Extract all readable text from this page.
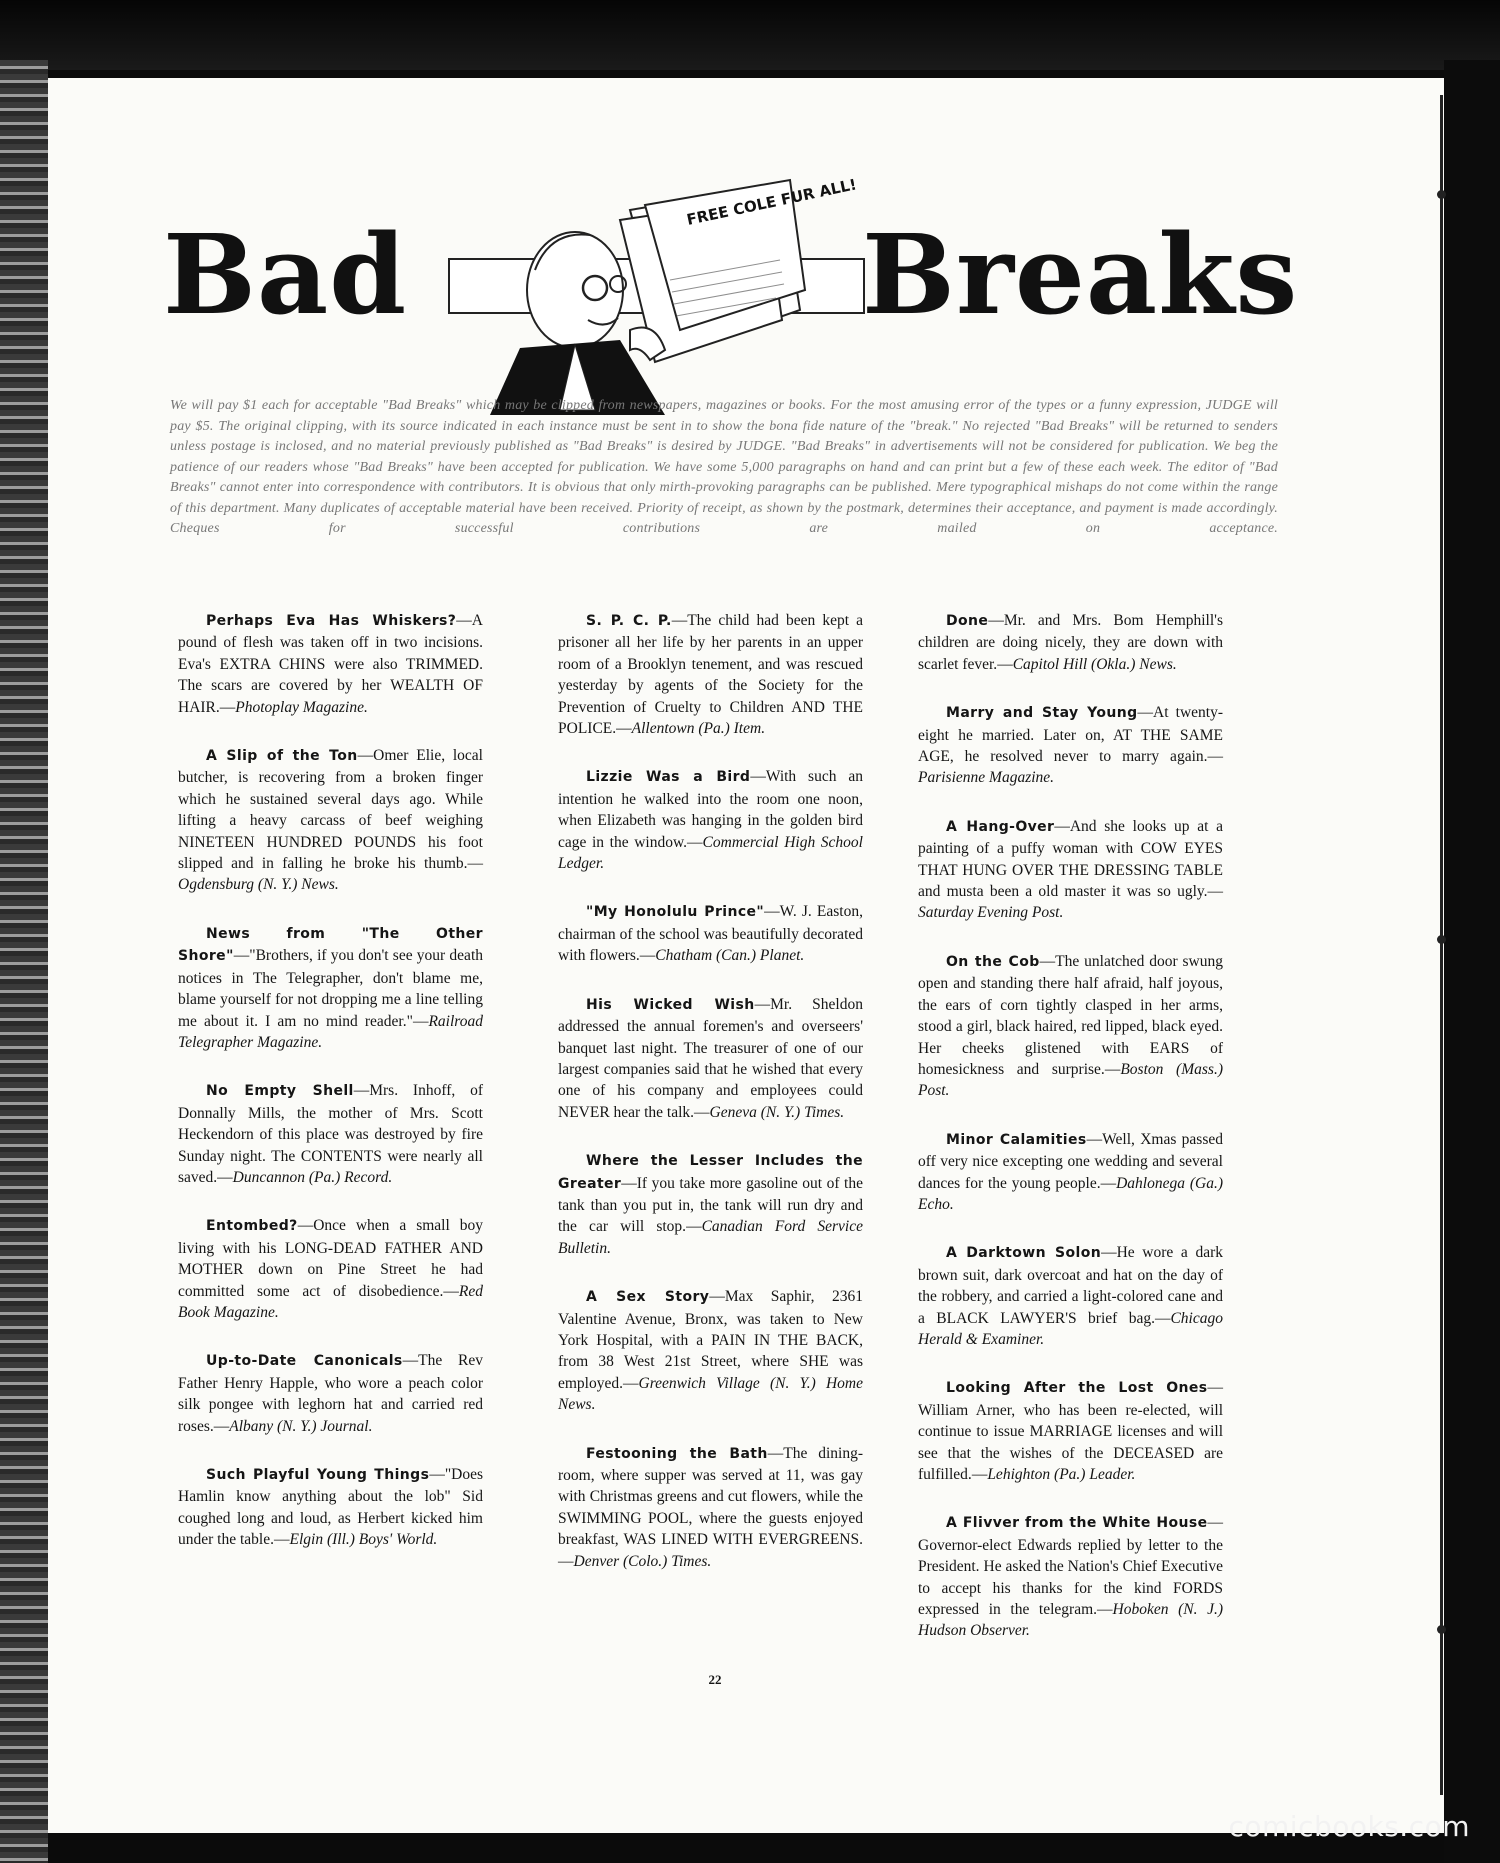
Bad	Breaks
FREE COLE FUR ALL!
We will pay $1 each for acceptable "Bad Breaks" which may be clipped from newspapers, magazines or books. For the most amusing error of the types or a funny expression, JUDGE will pay $5. The original clipping, with its source indicated in each instance must be sent in to show the bona fide nature of the "break." No rejected "Bad Breaks" will be returned to senders unless postage is inclosed, and no material previously published as "Bad Breaks" is desired by JUDGE. "Bad Breaks" in advertisements will not be considered for publication. We beg the patience of our readers whose "Bad Breaks" have been accepted for publication. We have some 5,000 paragraphs on hand and can print but a few of these each week. The editor of "Bad Breaks" cannot enter into correspondence with contributors. It is obvious that only mirth-provoking paragraphs can be published. Mere typographical mishaps do not come within the range of this department. Many duplicates of acceptable material have been received. Priority of receipt, as shown by the postmark, determines their acceptance, and payment is made accordingly. Cheques for successful contributions are mailed on acceptance.

Perhaps Eva Has Whiskers?—A pound of flesh was taken off in two incisions. Eva's EXTRA CHINS were also TRIMMED. The scars are covered by her WEALTH OF HAIR.—Photoplay Magazine.

A Slip of the Ton—Omer Elie, local butcher, is recovering from a broken finger which he sustained several days ago. While lifting a heavy carcass of beef weighing NINETEEN HUNDRED POUNDS his foot slipped and in falling he broke his thumb.—Ogdensburg (N. Y.) News.

News from "The Other Shore"—"Brothers, if you don't see your death notices in The Telegrapher, don't blame me, blame yourself for not dropping me a line telling me about it. I am no mind reader."—Railroad Telegrapher Magazine.

No Empty Shell—Mrs. Inhoff, of Donnally Mills, the mother of Mrs. Scott Heckendorn of this place was destroyed by fire Sunday night. The CONTENTS were nearly all saved.—Duncannon (Pa.) Record.

Entombed?—Once when a small boy living with his LONG-DEAD FATHER AND MOTHER down on Pine Street he had committed some act of disobedience.—Red Book Magazine.

Up-to-Date Canonicals—The Rev Father Henry Happle, who wore a peach color silk pongee with leghorn hat and carried red roses.—Albany (N. Y.) Journal.

Such Playful Young Things—"Does Hamlin know anything about the lob" Sid coughed long and loud, as Herbert kicked him under the table.—Elgin (Ill.) Boys' World.

S. P. C. P.—The child had been kept a prisoner all her life by her parents in an upper room of a Brooklyn tenement, and was rescued yesterday by agents of the Society for the Prevention of Cruelty to Children AND THE POLICE.—Allentown (Pa.) Item.

Lizzie Was a Bird—With such an intention he walked into the room one noon, when Elizabeth was hanging in the golden bird cage in the window.—Commercial High School Ledger.

"My Honolulu Prince"—W. J. Easton, chairman of the school was beautifully decorated with flowers.—Chatham (Can.) Planet.

His Wicked Wish—Mr. Sheldon addressed the annual foremen's and overseers' banquet last night. The treasurer of one of our largest companies said that he wished that every one of his company and employees could NEVER hear the talk.—Geneva (N. Y.) Times.

Where the Lesser Includes the Greater—If you take more gasoline out of the tank than you put in, the tank will run dry and the car will stop.—Canadian Ford Service Bulletin.

A Sex Story—Max Saphir, 2361 Valentine Avenue, Bronx, was taken to New York Hospital, with a PAIN IN THE BACK, from 38 West 21st Street, where SHE was employed.—Greenwich Village (N. Y.) Home News.

Festooning the Bath—The dining-room, where supper was served at 11, was gay with Christmas greens and cut flowers, while the SWIMMING POOL, where the guests enjoyed breakfast, WAS LINED WITH EVERGREENS.—Denver (Colo.) Times.

Done—Mr. and Mrs. Bom Hemphill's children are doing nicely, they are down with scarlet fever.—Capitol Hill (Okla.) News.

Marry and Stay Young—At twenty-eight he married. Later on, AT THE SAME AGE, he resolved never to marry again.—Parisienne Magazine.

A Hang-Over—And she looks up at a painting of a puffy woman with COW EYES THAT HUNG OVER THE DRESSING TABLE and musta been a old master it was so ugly.—Saturday Evening Post.

On the Cob—The unlatched door swung open and standing there half afraid, half joyous, the ears of corn tightly clasped in her arms, stood a girl, black haired, red lipped, black eyed. Her cheeks glistened with EARS of homesickness and surprise.—Boston (Mass.) Post.

Minor Calamities—Well, Xmas passed off very nice excepting one wedding and several dances for the young people.—Dahlonega (Ga.) Echo.

A Darktown Solon—He wore a dark brown suit, dark overcoat and hat on the day of the robbery, and carried a light-colored cane and a BLACK LAWYER'S brief bag.—Chicago Herald & Examiner.

Looking After the Lost Ones—William Arner, who has been re-elected, will continue to issue MARRIAGE licenses and will see that the wishes of the DECEASED are fulfilled.—Lehighton (Pa.) Leader.

A Flivver from the White House—Governor-elect Edwards replied by letter to the President. He asked the Nation's Chief Executive to accept his thanks for the kind FORDS expressed in the telegram.—Hoboken (N. J.) Hudson Observer.

22
comicbooks.com
